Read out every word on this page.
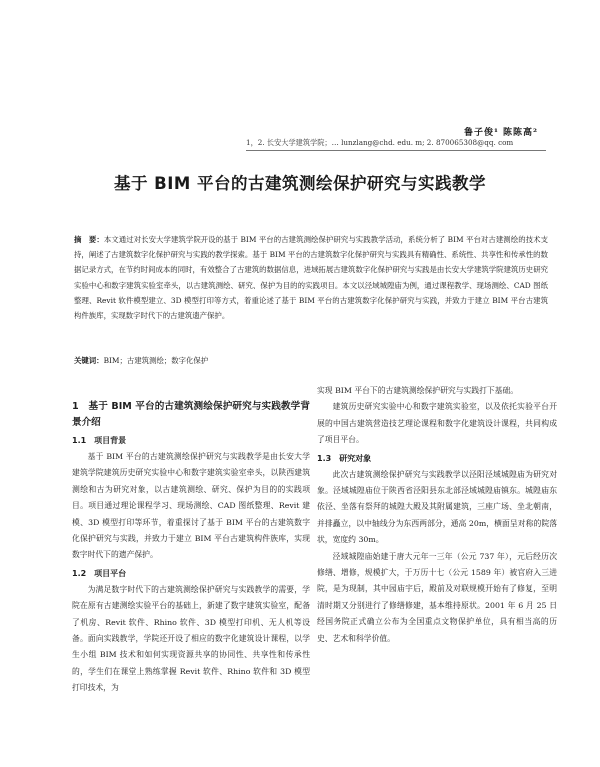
鲁子俊¹ 陈陈高²
1，2. 长安大学建筑学院；… lunzlang@chd. edu. m; 2. 870065308@qq. com
基于 BIM 平台的古建筑测绘保护研究与实践教学
摘　要：本文通过对长安大学建筑学院开设的基于 BIM 平台的古建筑测绘保护研究与实践教学活动，系统分析了 BIM 平台对古建测绘的技术支持，阐述了古建筑数字化保护研究与实践的教学探索。基于 BIM 平台的古建筑数字化保护研究与实践具有精确性、系统性、共享性和传承性的数据记录方式，在节约时间成本的同时，有效整合了古建筑的数据信息，进域拓展古建筑数字化保护研究与实践是由长安大学建筑学院建筑历史研究实验中心和数字建筑实验室牵头，以古建筑测绘、研究、保护为目的的实践项目。本文以泾域城隍庙为例，通过课程教学、现场测绘、CAD 图纸整理、Revit 软件模型建立、3D 模型打印等方式，着重论述了基于 BIM 平台的古建筑数字化保护研究与实践，并致力于建立 BIM 平台古建筑构件族库，实现数字时代下的古建筑遗产保护。
关键词：BIM；古建筑测绘；数字化保护
1　基于 BIM 平台的古建筑测绘保护研究与实践教学背景介绍
1.1　项目背景

基于 BIM 平台的古建筑测绘保护研究与实践教学是由长安大学建筑学院建筑历史研究实验中心和数字建筑实验室牵头，以陕西建筑测绘和古为研究对象，以古建筑测绘、研究、保护为目的的实践项目。项目通过理论课程学习、现场测绘、CAD 图纸整理、Revit 建模、3D 模型打印等环节，着重探讨了基于 BIM 平台的古建筑数字化保护研究与实践，并致力于建立 BIM 平台古建筑构件族库，实现数字时代下的遗产保护。

1.2　项目平台

为满足数字时代下的古建筑测绘保护研究与实践教学的需要，学院在原有古建测绘实验平台的基础上，新建了数字建筑实验室，配备了机房、Revit 软件、Rhino 软件、3D 模型打印机、无人机等设备。面向实践教学，学院还开设了相应的数字化建筑设计课程，以学生小组 BIM 技术和如何实现资源共享的协同性、共享性和传承性的，学生们在课堂上熟练掌握 Revit 软件、Rhino 软件和 3D 模型打印技术，为

实现 BIM 平台下的古建筑测绘保护研究与实践打下基础。

建筑历史研究实验中心和数字建筑实验室，以及依托实验平台开展的中国古建筑营造技艺理论课程和数字化建筑设计课程，共同构成了项目平台。

1.3　研究对象

此次古建筑测绘保护研究与实践教学以泾阳泾域城隍庙为研究对象。泾域城隍庙位于陕西省泾阳县东北部泾域城隍庙镇东。城隍庙东依泾、坐落有祭拜的城隍大殿及其附属建筑，三座广场、坐北朝南，并排矗立，以中轴线分为东西两部分，通高 20m，横面呈对称的院落状，宽度约 30m。

泾域城隍庙始建于唐大元年一三年（公元 737 年），元后经历次修缮、增修，规模扩大，于万历十七（公元 1589 年）被官府入三进院，是为现制，其中园庙宇后，殿前及对联规模开始有了修复，至明清时期又分别进行了修缮修建，基本维持原状。2001 年 6 月 25 日经国务院正式确立公布为全国重点文物保护单位，具有相当高的历史、艺术和科学价值。
